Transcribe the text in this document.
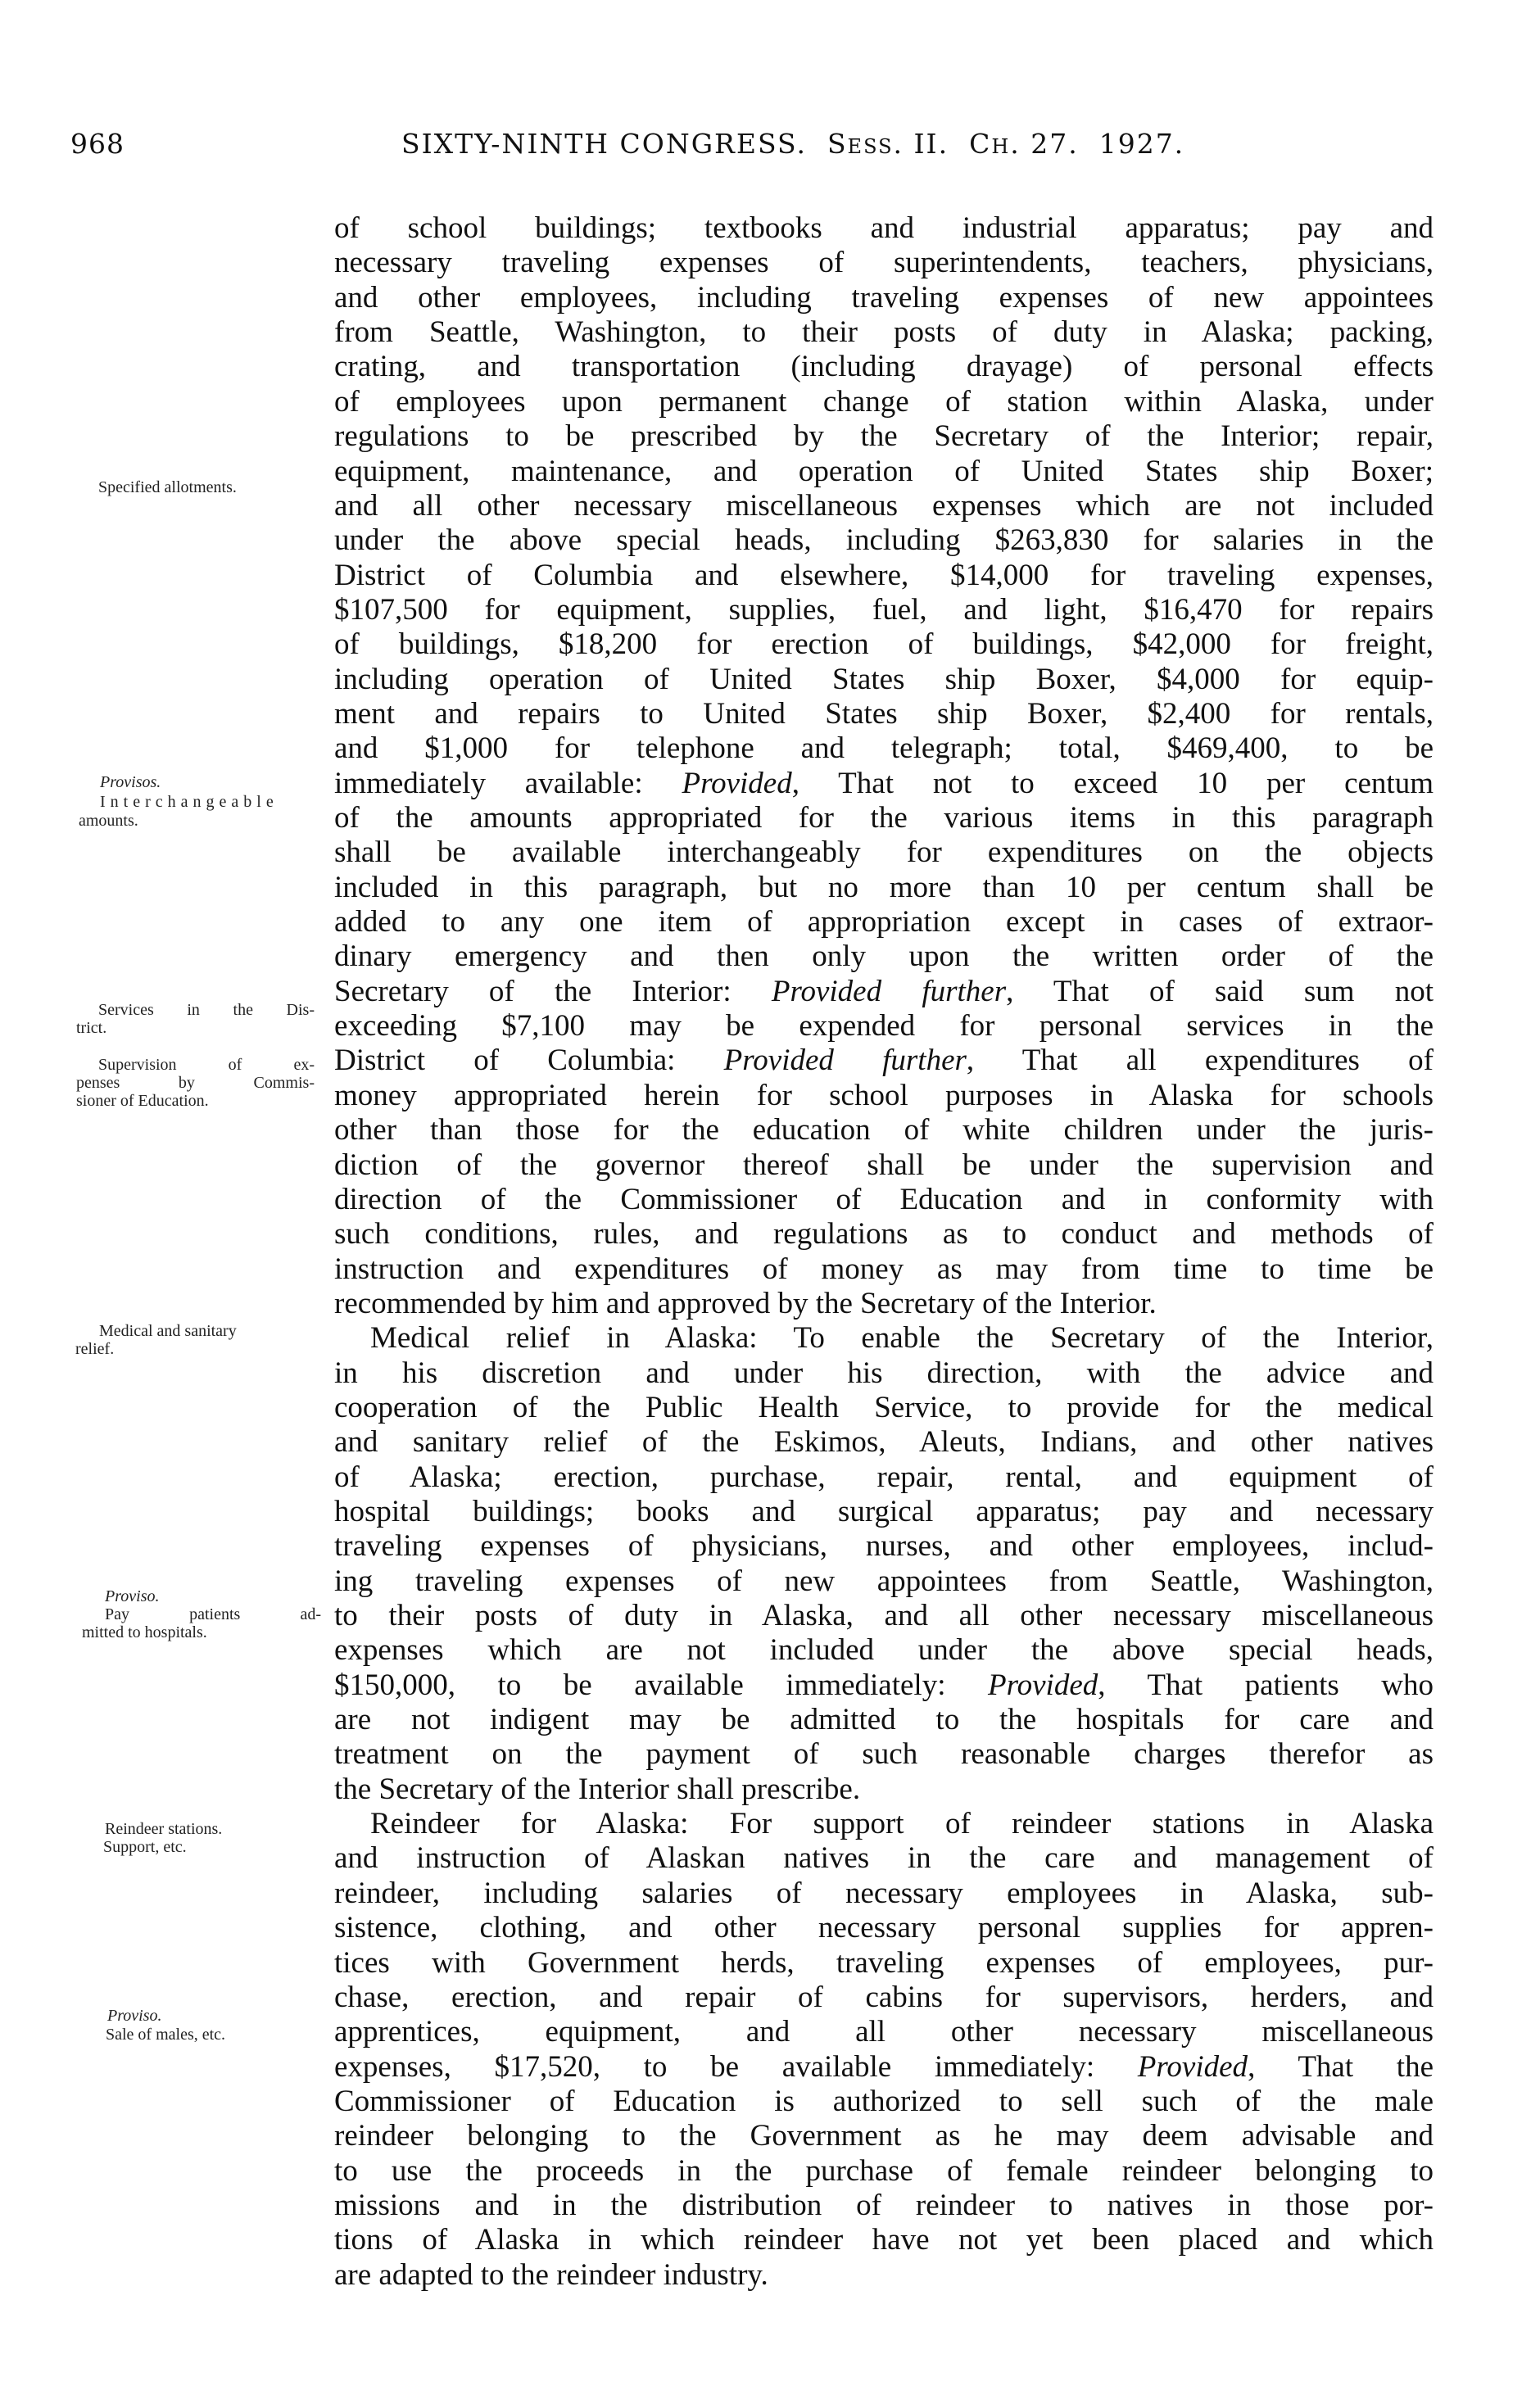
968	SIXTY-NINTH CONGRESS. SESS. II. CH. 27. 1927.
of school buildings; textbooks and industrial apparatus; pay and
necessary traveling expenses of superintendents, teachers, physicians,
and other employees, including traveling expenses of new appointees
from Seattle, Washington, to their posts of duty in Alaska; packing,
crating, and transportation (including drayage) of personal effects
of employees upon permanent change of station within Alaska, under
regulations to be prescribed by the Secretary of the Interior; repair,
equipment, maintenance, and operation of United States ship Boxer;
and all other necessary miscellaneous expenses which are not included
under the above special heads, including $263,830 for salaries in the
District of Columbia and elsewhere, $14,000 for traveling expenses,
$107,500 for equipment, supplies, fuel, and light, $16,470 for repairs
of buildings, $18,200 for erection of buildings, $42,000 for freight,
including operation of United States ship Boxer, $4,000 for equip-
ment and repairs to United States ship Boxer, $2,400 for rentals,
and $1,000 for telephone and telegraph; total, $469,400, to be
immediately available: Provided, That not to exceed 10 per centum
of the amounts appropriated for the various items in this paragraph
shall be available interchangeably for expenditures on the objects
included in this paragraph, but no more than 10 per centum shall be
added to any one item of appropriation except in cases of extraor-
dinary emergency and then only upon the written order of the
Secretary of the Interior: Provided further, That of said sum not
exceeding $7,100 may be expended for personal services in the
District of Columbia: Provided further, That all expenditures of
money appropriated herein for school purposes in Alaska for schools
other than those for the education of white children under the juris-
diction of the governor thereof shall be under the supervision and
direction of the Commissioner of Education and in conformity with
such conditions, rules, and regulations as to conduct and methods of
instruction and expenditures of money as may from time to time be
recommended by him and approved by the Secretary of the Interior.
Medical relief in Alaska: To enable the Secretary of the Interior,
in his discretion and under his direction, with the advice and
cooperation of the Public Health Service, to provide for the medical
and sanitary relief of the Eskimos, Aleuts, Indians, and other natives
of Alaska; erection, purchase, repair, rental, and equipment of
hospital buildings; books and surgical apparatus; pay and necessary
traveling expenses of physicians, nurses, and other employees, includ-
ing traveling expenses of new appointees from Seattle, Washington,
to their posts of duty in Alaska, and all other necessary miscellaneous
expenses which are not included under the above special heads,
$150,000, to be available immediately: Provided, That patients who
are not indigent may be admitted to the hospitals for care and
treatment on the payment of such reasonable charges therefor as
the Secretary of the Interior shall prescribe.
Reindeer for Alaska: For support of reindeer stations in Alaska
and instruction of Alaskan natives in the care and management of
reindeer, including salaries of necessary employees in Alaska, sub-
sistence, clothing, and other necessary personal supplies for appren-
tices with Government herds, traveling expenses of employees, pur-
chase, erection, and repair of cabins for supervisors, herders, and
apprentices, equipment, and all other necessary miscellaneous
expenses, $17,520, to be available immediately: Provided, That the
Commissioner of Education is authorized to sell such of the male
reindeer belonging to the Government as he may deem advisable and
to use the proceeds in the purchase of female reindeer belonging to
missions and in the distribution of reindeer to natives in those por-
tions of Alaska in which reindeer have not yet been placed and which
are adapted to the reindeer industry.
Specified allotments.
Provisos.
Interchangeable
amounts.
Services in the Dis-
trict.
Supervision of ex-
penses by Commis-
sioner of Education.
Medical and sanitary
relief.
Proviso.
Pay patients ad-
mitted to hospitals.
Reindeer stations.
Support, etc.
Proviso.
Sale of males, etc.
